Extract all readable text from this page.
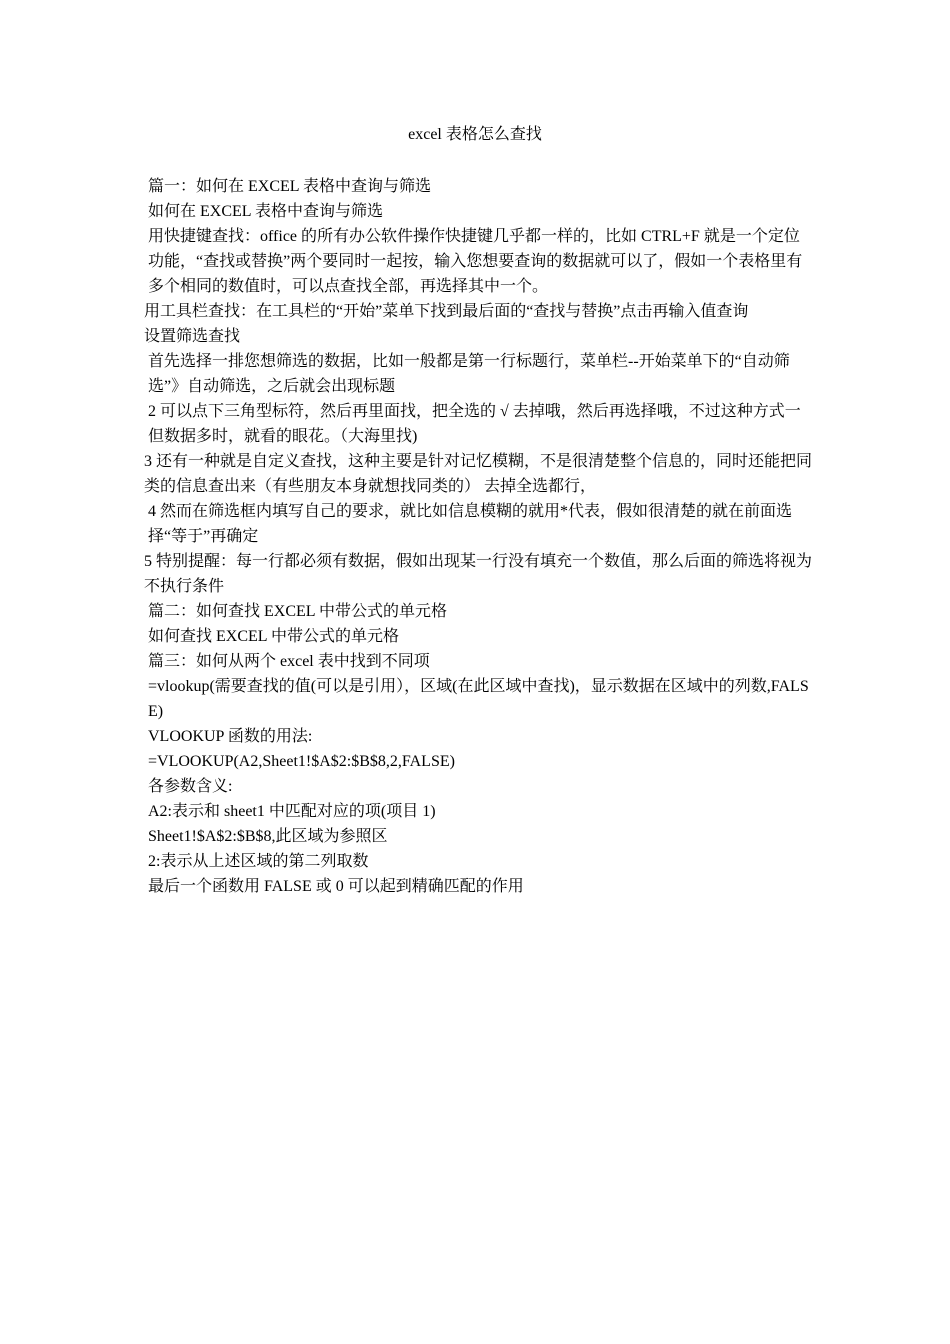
excel 表格怎么查找

篇一：如何在 EXCEL 表格中查询与筛选

如何在 EXCEL 表格中查询与筛选

用快捷键查找：office 的所有办公软件操作快捷键几乎都一样的，比如 CTRL+F 就是一个定位功能，“查找或替换”两个要同时一起按，输入您想要查询的数据就可以了，假如一个表格里有多个相同的数值时，可以点查找全部，再选择其中一个。

用工具栏查找：在工具栏的“开始”菜单下找到最后面的“查找与替换”点击再输入值查询

设置筛选查找

首先选择一排您想筛选的数据，比如一般都是第一行标题行，菜单栏--开始菜单下的“自动筛选”》自动筛选，之后就会出现标题

2 可以点下三角型标符，然后再里面找，把全选的 √ 去掉哦，然后再选择哦，不过这种方式一但数据多时，就看的眼花。（大海里找)

3 还有一种就是自定义查找，这种主要是针对记忆模糊，不是很清楚整个信息的，同时还能把同类的信息查出来（有些朋友本身就想找同类的） 去掉全选都行，

4 然而在筛选框内填写自己的要求，就比如信息模糊的就用*代表，假如很清楚的就在前面选择“等于”再确定

5 特别提醒：每一行都必须有数据，假如出现某一行没有填充一个数值，那么后面的筛选将视为不执行条件

篇二：如何查找 EXCEL 中带公式的单元格

如何查找 EXCEL 中带公式的单元格

篇三：如何从两个 excel 表中找到不同项

=vlookup(需要查找的值(可以是引用），区域(在此区域中查找)，显示数据在区域中的列数,FALSE)

VLOOKUP 函数的用法:

=VLOOKUP(A2,Sheet1!$A$2:$B$8,2,FALSE)

各参数含义:

A2:表示和 sheet1 中匹配对应的项(项目 1)

Sheet1!$A$2:$B$8,此区域为参照区

2:表示从上述区域的第二列取数

最后一个函数用 FALSE 或 0 可以起到精确匹配的作用
